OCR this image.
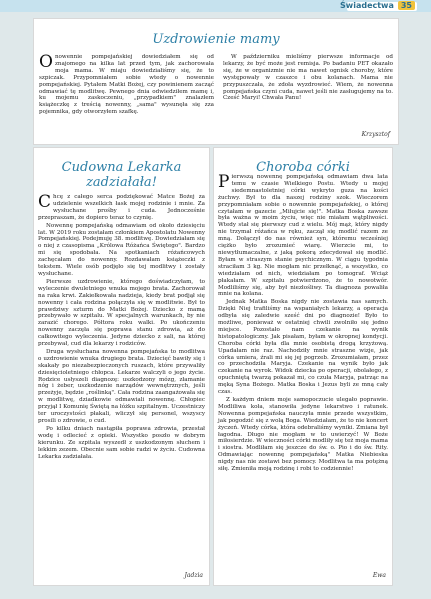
Świadectwa 35
Uzdrowienie mamy

Onowennie pompejańskiej dowiedziałem się od znajomego na kilka lat przed tym, jak zachorowała moja mama. W miaju dowiedziałiśmy się, że to szpiczak. Przypomniałem sobie wtedy o nowennie pompejańskiej. Pytałem Matki Bożej, czy powinienem zacząć odmawiać tę modlitwę. Pewnego dnia odwiedziłem mamę i, ku mojemu zaskoczeniu, „przypadkiem" znalazłem książeczkę z treścią nowenny, „sama" wysunęła się zza pojemnika, gdy otworzyłem szafkę.

W październiku mieliśmy pierwsze informacje od lekarzy, że być może jest remisja. Po badaniu PET okazało się, że w organizmie nie ma nawet ognisk choroby, które występowały w czaszce i obu kolanach. Mama nie przypuszczała, że zdoła wyzdrowieć. Wiem, że nowenna pompejańska czyni cuda, nawet jeśli nie zasługujemy na to. Cześć Maryi! Chwała Panu!

Krzysztof
Cudowna Lekarka zadziałała!

Chcę z całego serca podziękować Matce Bożej za udzielenie wszelkich łask mojej rodzinie i mnie. Za wysłuchane prośby i cuda. Jednocześnie przepraszam, że dopiero teraz to czynię.

Nowennę pompejańską odmawiam od około dziesięciu lat. W 2019 roku zostałam członkiem Apostolatu Nowenny Pompejańskiej. Podejmuję 38. modlitwę. Dowiedziałam się o niej z czasopisma „Królowa Różańca Świętego". Bardzo mi się spodobała. Na spotkaniach różańcowych zachęcałam do nowenny. Rozdawałam książeczki z tekstem. Wiele osób podjęło się tej modlitwy i zostały wysłuchane.

Pierwsze uzdrowienie, którego doświadczyłam, to wyleczenie dwuletniego wnuka mojego brata. Zachorował na raka krwi. Zakiełkowała nadzieja, kiedy brat podjął się nowenny i cała rodzina połączyła się w modlitwie. Był to prawdziwy szturm do Matki Bożej. Dziecko z mamą przebywało w szpitalu. W specjalnych warunkach, by nie zarazić chorego. Półtora roku walki. Po ukończeniu nowenny zaczęła się poprawa stanu zdrowia, aż do całkowitego wyleczenia. Jedyne dziecko z sali, na której przebywał, cud dla lekarzy i rodziców.

Druga wysłuchana nowenna pompejańska to modlitwa o uzdrowienie wnuka drugiego brata. Dziecięć bawiły się i skakały po niezabezpieczonych ruszach, które przywaliły dziesięcioletniego chłopca. Lekarze walczyli o jego życie. Rodzice usłyszeli diagnozę: uszkodzony mózg, złamanie nóg i żeber, uszkodzenie narządów wewnętrznych, jeśli przeżyje, będzie „roślinką". Cała rodzina zaangażowała się w modlitwę, dziadkowie odmawiali nowennę. Chłopiec przyjął I Komunię Świętą na łóżku szpitalnym. Uczestniczy ter uroczystości płakali, wliczył się personel, wszyscy prosili o zdrowie, o cud.

Po kilku dniach nastąpiła poprawa zdrowia, przestał wodę i odlecieć z opieki. Wszystko poszło w dobrym kierunku. Ze szpitala wyszedł z uszkodzonym słuchem i lekkim zezem. Obecnie sam sobie radzi w życiu. Cudowna Lekarka zadziałała.

Jadzia
Choroba córki

Pierwszą nowennę pompejańską odmawiam dwa lata temu w czasie Wielkiego Postu. Wtedy u mojej siedemnastoletniej córki wykryto guza na kości żuchwy. Był to dla naszej rodziny szok. Wieczorem przypomniałam sobie o nowennie pompejańskiej, o której czytałam w gazecie „Miłujcie się!". Matka Boska zawsze była ważna w moim życiu, więc nie miałam wątpliwości. Wtedy stał się pierwszy cud z wielu. Mój mąż, który nigdy nie trzymał różańca w ręku, zaczął się modlić razem ze mną. Dołączył do nas również syn, któremu wcześniej ciężko było zrozumieć wiarę. Wierzcie mi, to niewytłumaczalne, z jaką pokorą zdecydował się modlić. Byłam w straszym stanie psychicznym. W ciągu tygodnia straciłam 3 kg. Nie mogłam nic przełknąć, a wszystko, co wiedziałam od nich, wiedziałam po tomograf. Wciąż płakałam. W szpitalu potwierdzono, że to nowotwór. Modliliśmy się, aby był niezłośliwy. Ta diagnoza powaliła mnie na kolana.

Jednak Matka Boska nigdy nie zostawia nas samych. Dzięki Niej trafiliśmy na wspaniałych lekarzy, a operacja odbyła się zaledwie sześć dni po diagnozie! Było to możliwe, ponieważ w ostatniej chwili zwolniło się jedno miejsce. Pozostało nam czekanie na wynik histopatologiczny. Jak pisałam, byłam w okropnej kondycji. Choroba córki była dla mnie osobistą drogą krzyżową. Upadałam nie raz. Nachodziły mnie straszne wizje, jak córka umiera, źrali mi się jej pogrzeb. Zrozumiałam, przez co przechodziła Maryja. Czekanie na wynik było jak czekanie na wyrok. Widok dziecka po operacji, obolałego, z opuchniętą twarzą pokazał mi, co czuła Maryja, patrząc na męką Syna Bożego. Matka Boska i Jezus byli ze mną cały czas.

Z każdym dniem moje samopoczucie ulegało poprawie. Modliliwa koła, stanowiła jedyne lekarstwo i ratunek. Nowenna pompejańska nauczyła mnie przede wszystkim, jak pogodzić się z wolą Boga. Wiedziałam, że to nie koncert życzeń. Wtedy córka, która odebraliśmy wyniki. Zmiana był łagodna. Długo nie mogłam w to uwierzyć! W Boże miłosierdzie. W wieczności córki modliły się też moja mama i siostra. Modliłam się jeszcze do św. o. Pio i do św. Rity. Odmawiając nowennę pompejańską" Matka Niebieska nigdy nas nie zostawi bez pomocy. Modlitwa ta ma potężną siłę. Zmieniła moją rodzinę i robi to codziennie!

Ewa
